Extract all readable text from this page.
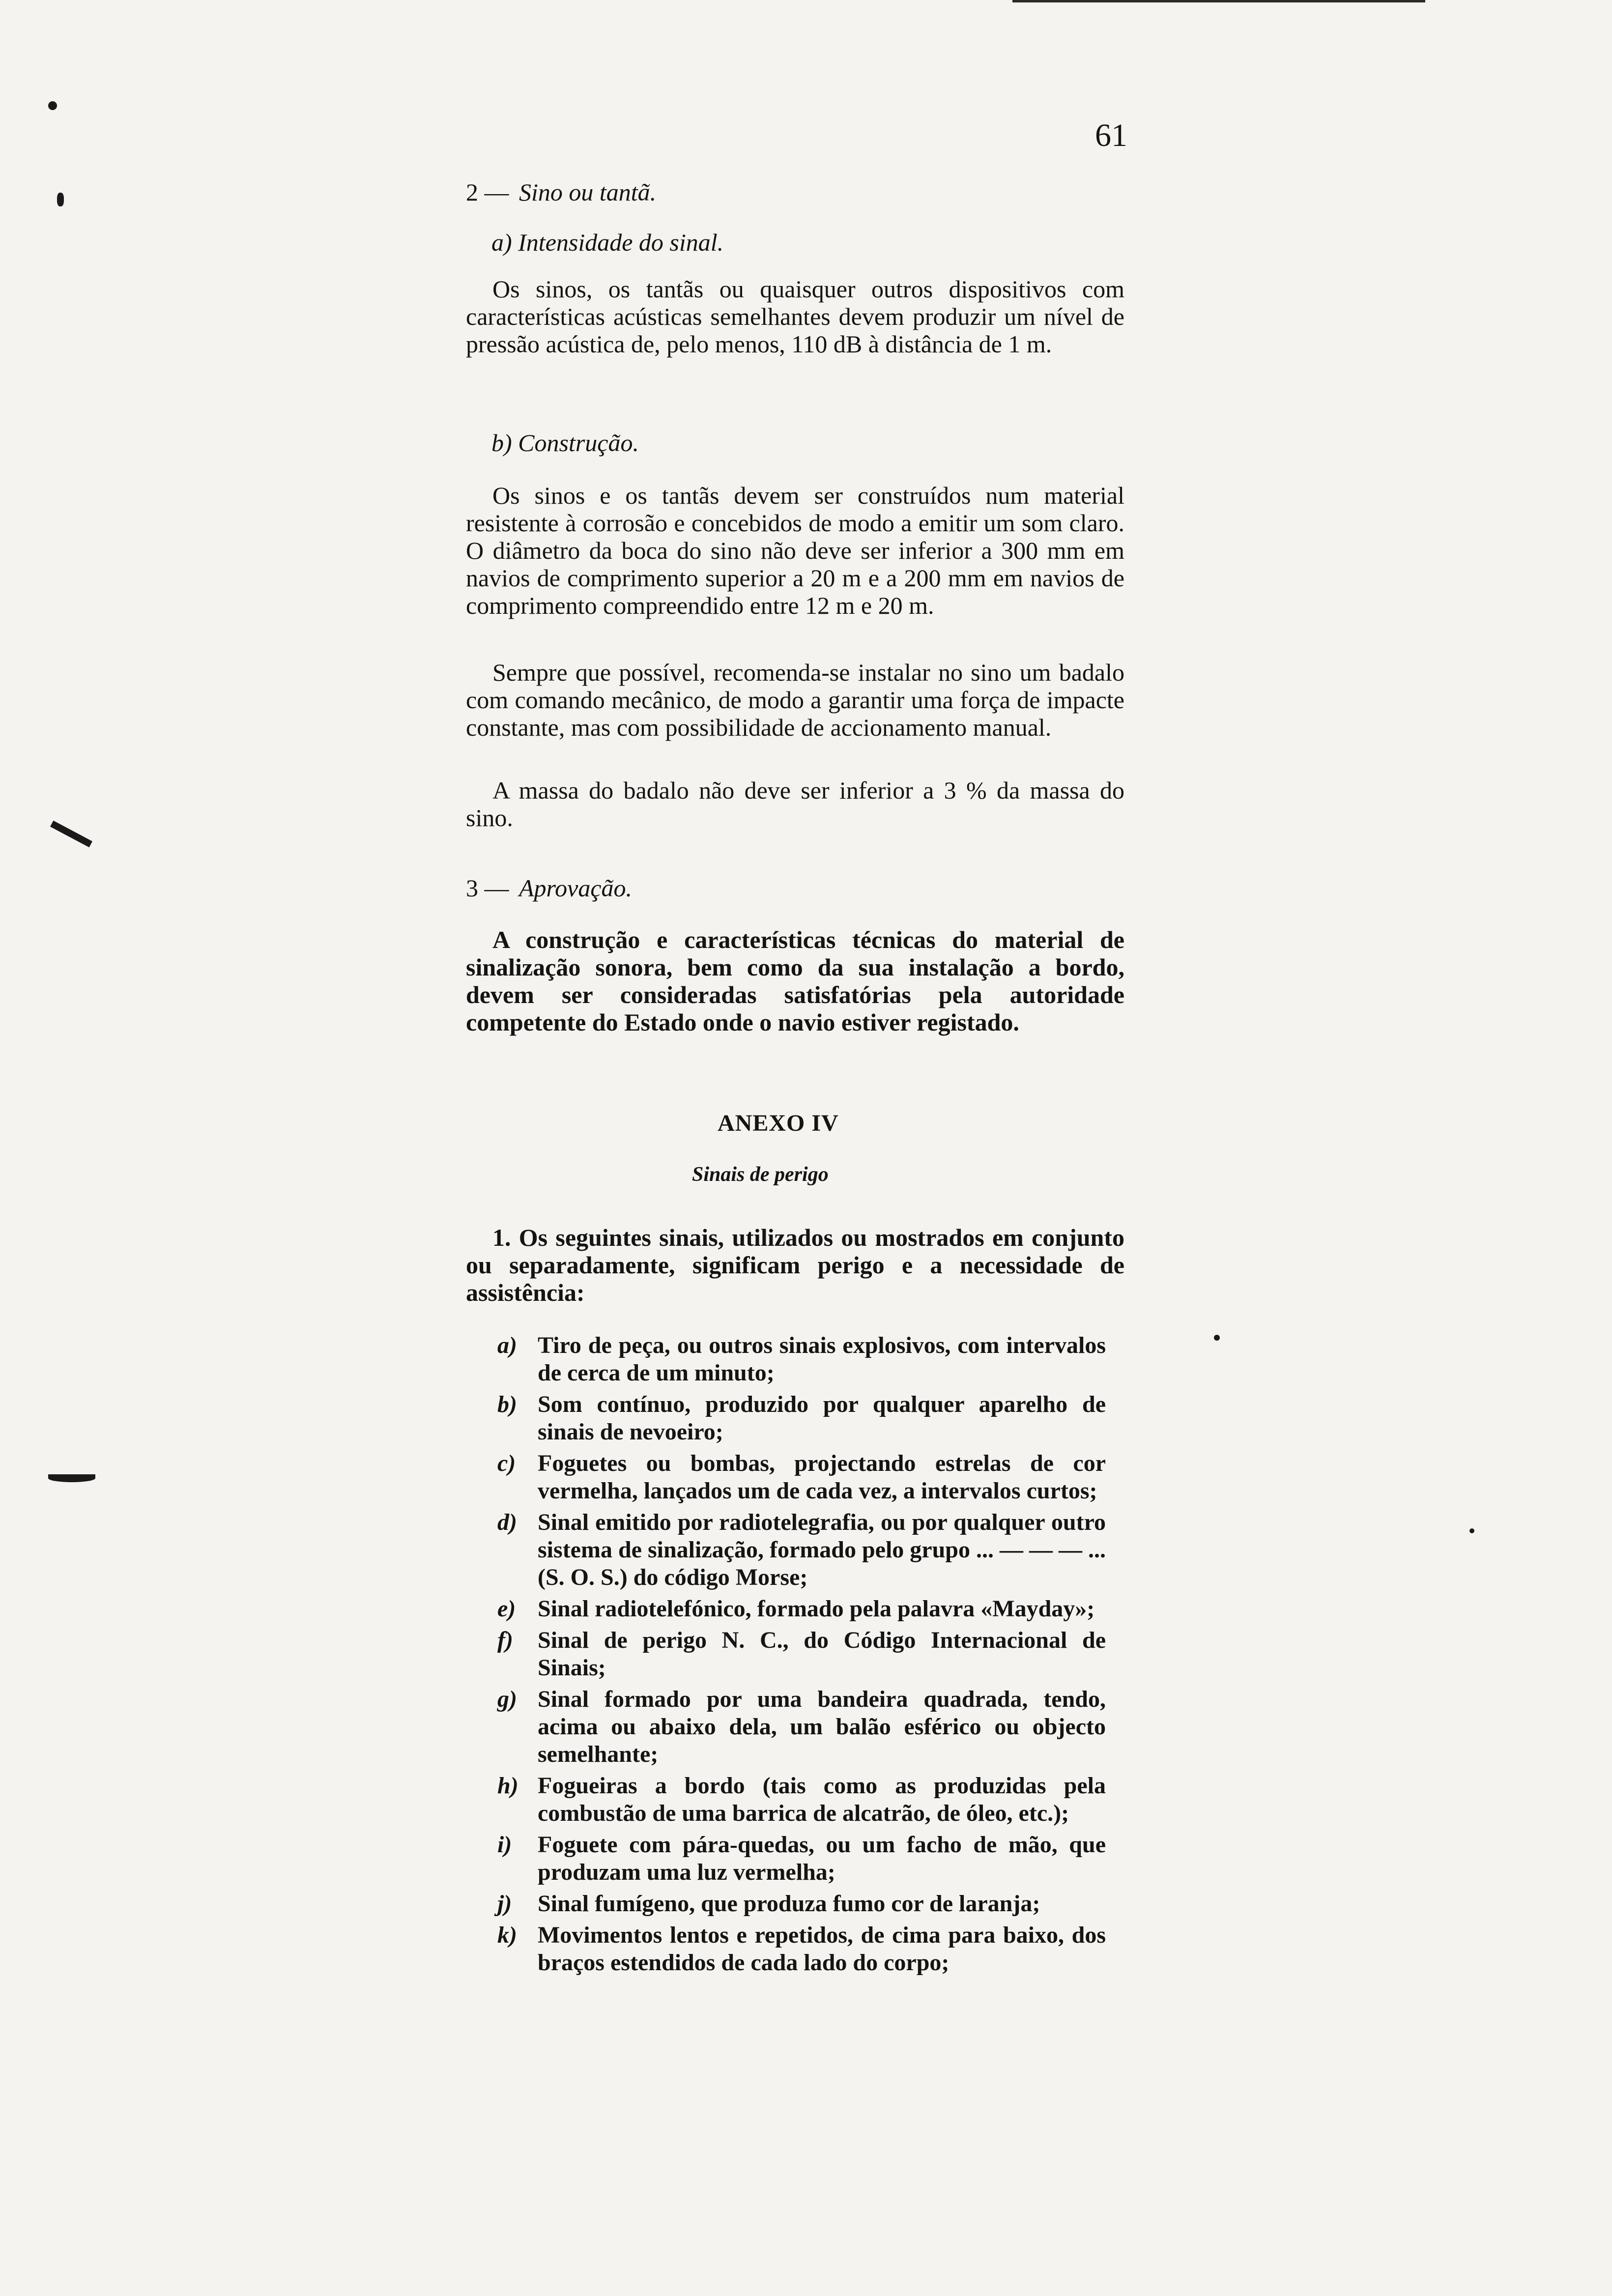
61
2 — Sino ou tantã.
a) Intensidade do sinal.

Os sinos, os tantãs ou quaisquer outros dispositivos com características acústicas semelhantes devem produzir um nível de pressão acústica de, pelo menos, 110 dB à distância de 1 m.

b) Construção.

Os sinos e os tantãs devem ser construídos num material resistente à corrosão e concebidos de modo a emitir um som claro. O diâmetro da boca do sino não deve ser inferior a 300 mm em navios de comprimento superior a 20 m e a 200 mm em navios de comprimento compreendido entre 12 m e 20 m.

Sempre que possível, recomenda-se instalar no sino um badalo com comando mecânico, de modo a garantir uma força de impacte constante, mas com possibilidade de accionamento manual.

A massa do badalo não deve ser inferior a 3 % da massa do sino.

3 — Aprovação.

A construção e características técnicas do material de sinalização sonora, bem como da sua instalação a bordo, devem ser consideradas satisfatórias pela autoridade competente do Estado onde o navio estiver registado.

ANEXO IV
Sinais de perigo

1. Os seguintes sinais, utilizados ou mostrados em conjunto ou separadamente, significam perigo e a necessidade de assistência:

a) Tiro de peça, ou outros sinais explosivos, com intervalos de cerca de um minuto;
b) Som contínuo, produzido por qualquer aparelho de sinais de nevoeiro;
c) Foguetes ou bombas, projectando estrelas de cor vermelha, lançados um de cada vez, a intervalos curtos;
d) Sinal emitido por radiotelegrafia, ou por qualquer outro sistema de sinalização, formado pelo grupo ... — — — ... (S. O. S.) do código Morse;
e) Sinal radiotelefónico, formado pela palavra «Mayday»;
f) Sinal de perigo N. C., do Código Internacional de Sinais;
g) Sinal formado por uma bandeira quadrada, tendo, acima ou abaixo dela, um balão esférico ou objecto semelhante;
h) Fogueiras a bordo (tais como as produzidas pela combustão de uma barrica de alcatrão, de óleo, etc.);
i) Foguete com pára-quedas, ou um facho de mão, que produzam uma luz vermelha;
j) Sinal fumígeno, que produza fumo cor de laranja;
k) Movimentos lentos e repetidos, de cima para baixo, dos braços estendidos de cada lado do corpo;
